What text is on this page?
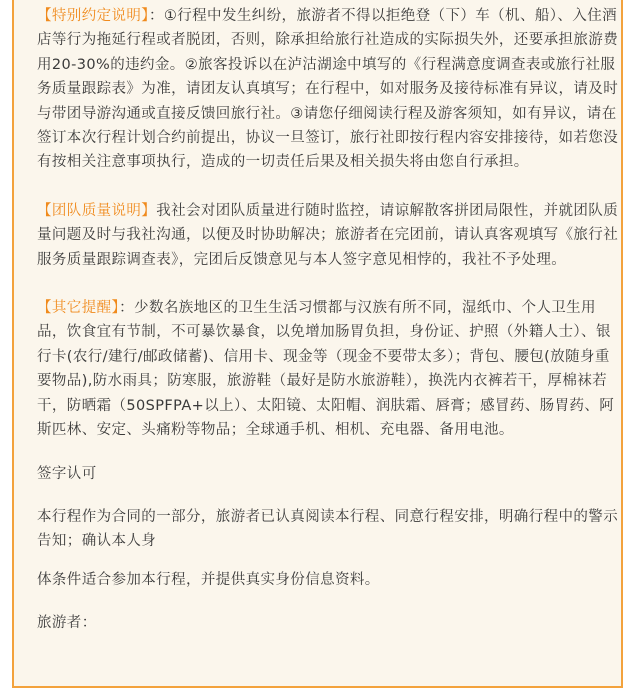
【特别约定说明】：①行程中发生纠纷，旅游者不得以拒绝登（下）车（机、船）、入住酒店等行为拖延行程或者脱团，否则，除承担给旅行社造成的实际损失外，还要承担旅游费用20-30%的违约金。②旅客投诉以在泸沽湖途中填写的《行程满意度调查表或旅行社服务质量跟踪表》为准，请团友认真填写；在行程中，如对服务及接待标准有异议，请及时与带团导游沟通或直接反馈回旅行社。③请您仔细阅读行程及游客须知，如有异议，请在签订本次行程计划合约前提出，协议一旦签订，旅行社即按行程内容安排接待，如若您没有按相关注意事项执行，造成的一切责任后果及相关损失将由您自行承担。

【团队质量说明】我社会对团队质量进行随时监控，请谅解散客拼团局限性，并就团队质量问题及时与我社沟通，以便及时协助解决；旅游者在完团前，请认真客观填写《旅行社服务质量跟踪调查表》，完团后反馈意见与本人签字意见相悖的，我社不予处理。

【其它提醒】：少数名族地区的卫生生活习惯都与汉族有所不同，湿纸巾、个人卫生用品，饮食宜有节制，不可暴饮暴食，以免增加肠胃负担，身份证、护照（外籍人士）、银行卡(农行/建行/邮政储蓄)、信用卡、现金等（现金不要带太多）；背包、腰包(放随身重要物品),防水雨具；防寒服，旅游鞋（最好是防水旅游鞋），换洗内衣裤若干，厚棉袜若干，防晒霜（50SPFPA+以上）、太阳镜、太阳帽、润肤霜、唇膏；感冒药、肠胃药、阿斯匹林、安定、头痛粉等物品；全球通手机、相机、充电器、备用电池。

签字认可

本行程作为合同的一部分，旅游者已认真阅读本行程、同意行程安排，明确行程中的警示告知；确认本人身

体条件适合参加本行程，并提供真实身份信息资料。

旅游者：
